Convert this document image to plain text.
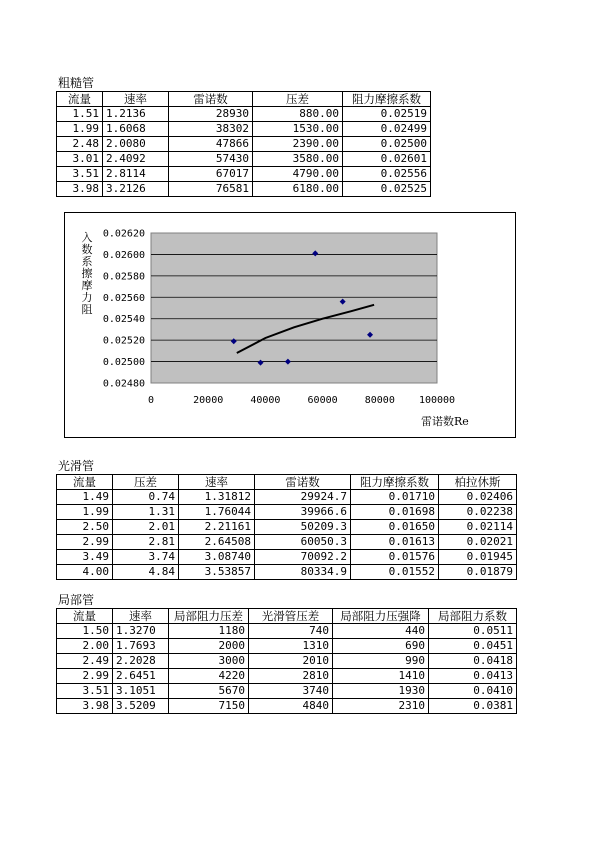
粗糙管
流量	速率	雷诺数	压差	阻力摩擦系数
1.51	1.2136	28930	880.00	0.02519
1.99	1.6068	38302	1530.00	0.02499
2.48	2.0080	47866	2390.00	0.02500
3.01	2.4092	57430	3580.00	0.02601
3.51	2.8114	67017	4790.00	0.02556
3.98	3.2126	76581	6180.00	0.02525
0.02480
0.02500
0.02520
0.02540
0.02560
0.02580
0.02600
0.02620
0	20000	40000	60000	80000 100000
入数系擦摩力阻
雷诺数Re
光滑管
流量	压差	速率	雷诺数	阻力摩擦系数	柏拉休斯
1.49	0.74	1.31812	29924.7	0.01710	0.02406
1.99	1.31	1.76044	39966.6	0.01698	0.02238
2.50	2.01	2.21161	50209.3	0.01650	0.02114
2.99	2.81	2.64508	60050.3	0.01613	0.02021
3.49	3.74	3.08740	70092.2	0.01576	0.01945
4.00	4.84	3.53857	80334.9	0.01552	0.01879
局部管
流量	速率	局部阻力压差	光滑管压差	局部阻力压强降	局部阻力系数
1.50	1.3270	1180	740	440	0.0511
2.00	1.7693	2000	1310	690	0.0451
2.49	2.2028	3000	2010	990	0.0418
2.99	2.6451	4220	2810	1410	0.0413
3.51	3.1051	5670	3740	1930	0.0410
3.98	3.5209	7150	4840	2310	0.0381
